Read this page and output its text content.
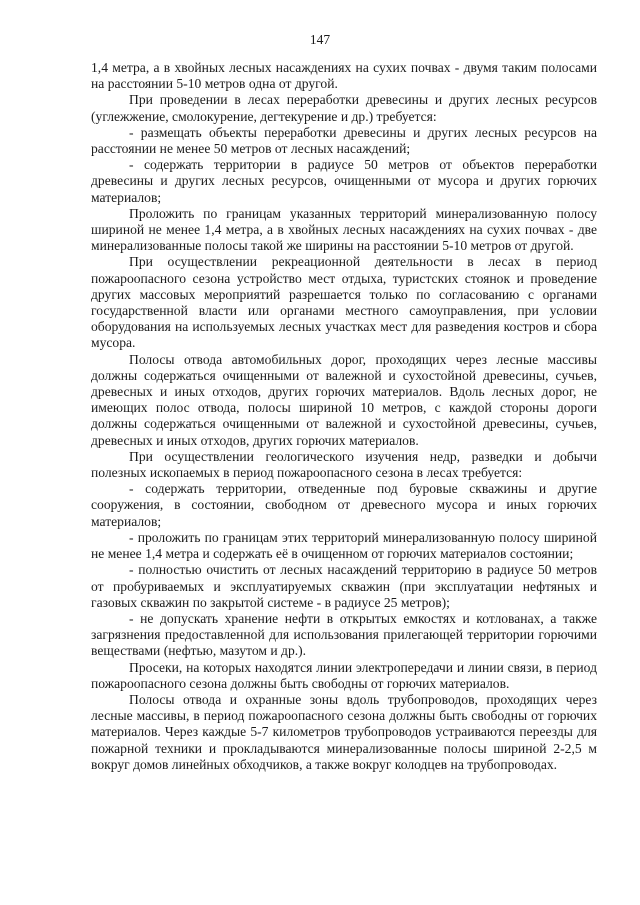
147

1,4 метра, а в хвойных лесных насаждениях на сухих почвах - двумя таким полосами на расстоянии 5-10 метров одна от другой.

При проведении в лесах переработки древесины и других лесных ресурсов (углежжение, смолокурение, дегтекурение и др.) требуется:

- размещать объекты переработки древесины и других лесных ресурсов на расстоянии не менее 50 метров от лесных насаждений;

- содержать территории в радиусе 50 метров от объектов переработки древесины и других лесных ресурсов, очищенными от мусора и других горючих материалов;

Проложить по границам указанных территорий минерализованную полосу шириной не менее 1,4 метра, а в хвойных лесных насаждениях на сухих почвах - две минерализованные полосы такой же ширины на расстоянии 5-10 метров от другой.

При осуществлении рекреационной деятельности в лесах в период пожароопасного сезона устройство мест отдыха, туристских стоянок и проведение других массовых мероприятий разрешается только по согласованию с органами государственной власти или органами местного самоуправления, при условии оборудования на используемых лесных участках мест для разведения костров и сбора мусора.

Полосы отвода автомобильных дорог, проходящих через лесные массивы должны содержаться очищенными от валежной и сухостойной древесины, сучьев, древесных и иных отходов, других горючих материалов. Вдоль лесных дорог, не имеющих полос отвода, полосы шириной 10 метров, с каждой стороны дороги должны содержаться очищенными от валежной и сухостойной древесины, сучьев, древесных и иных отходов, других горючих материалов.

При осуществлении геологического изучения недр, разведки и добычи полезных ископаемых в период пожароопасного сезона в лесах требуется:

- содержать территории, отведенные под буровые скважины и другие сооружения, в состоянии, свободном от древесного мусора и иных горючих материалов;

- проложить по границам этих территорий минерализованную полосу шириной не менее 1,4 метра и содержать её в очищенном от горючих материалов состоянии;

- полностью очистить от лесных насаждений территорию в радиусе 50 метров от пробуриваемых и эксплуатируемых скважин (при эксплуатации нефтяных и газовых скважин по закрытой системе - в радиусе 25 метров);

- не допускать хранение нефти в открытых емкостях и котлованах, а также загрязнения предоставленной для использования прилегающей территории горючими веществами (нефтью, мазутом и др.).

Просеки, на которых находятся линии электропередачи и линии связи, в период пожароопасного сезона должны быть свободны от горючих материалов.

Полосы отвода и охранные зоны вдоль трубопроводов, проходящих через лесные массивы, в период пожароопасного сезона должны быть свободны от горючих материалов. Через каждые 5-7 километров трубопроводов устраиваются переезды для пожарной техники и прокладываются минерализованные полосы шириной 2-2,5 м вокруг домов линейных обходчиков, а также вокруг колодцев на трубопроводах.
